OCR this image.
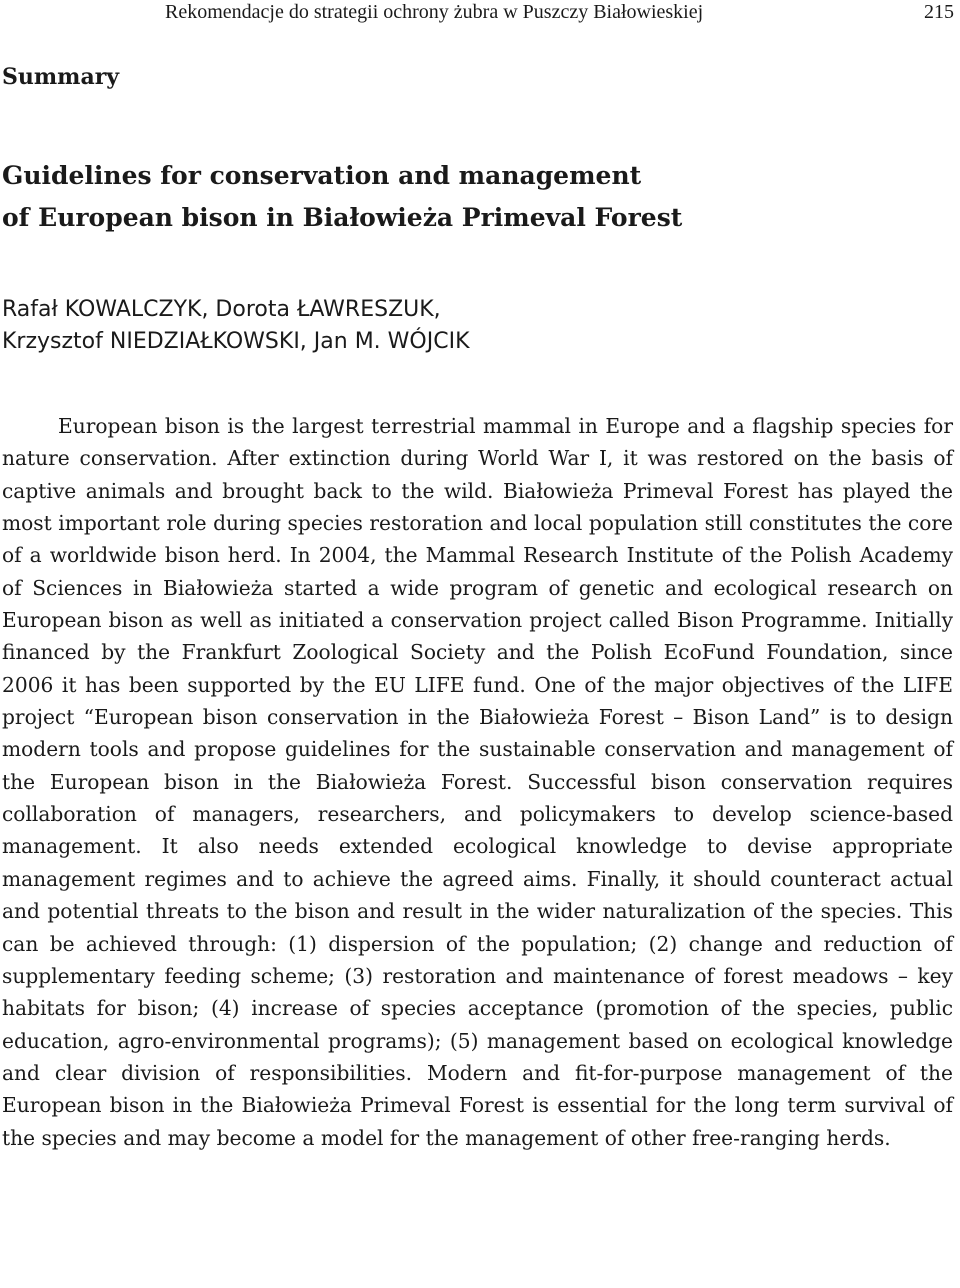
Rekomendacje do strategii ochrony żubra w Puszczy Białowieskiej	215
Summary
Guidelines for conservation and management
of European bison in Białowieża Primeval Forest
Rafał KOWALCZYK, Dorota ŁAWRESZUK,
Krzysztof NIEDZIAŁKOWSKI, Jan M. WÓJCIK

European bison is the largest terrestrial mammal in Europe and a flagship species for nature conservation. After extinction during World War I, it was restored on the basis of captive animals and brought back to the wild. Białowieża Primeval Forest has played the most important role during species restoration and local population still constitutes the core of a worldwide bison herd. In 2004, the Mammal Research Institute of the Polish Academy of Sciences in Białowieża started a wide program of genetic and ecological research on European bison as well as initiated a conservation project called Bison Programme. Initially financed by the Frankfurt Zoological Society and the Polish EcoFund Foundation, since 2006 it has been supported by the EU LIFE fund. One of the major objectives of the LIFE project “European bison conservation in the Białowieża Forest – Bison Land” is to design modern tools and propose guidelines for the sustainable conservation and management of the European bison in the Białowieża Forest. Successful bison conservation requires collaboration of managers, researchers, and policymakers to develop science-based management. It also needs extended ecological knowledge to devise appropriate management regimes and to achieve the agreed aims. Finally, it should counteract actual and potential threats to the bison and result in the wider naturalization of the species. This can be achieved through: (1) dispersion of the population; (2) change and reduction of supplementary feeding scheme; (3) restoration and maintenance of forest meadows – key habitats for bison; (4) increase of species acceptance (promotion of the species, public education, agro-environmental programs); (5) management based on ecological knowledge and clear division of responsibilities. Modern and fit-for-purpose management of the European bison in the Białowieża Primeval Forest is essential for the long term survival of the species and may become a model for the management of other free-ranging herds.
